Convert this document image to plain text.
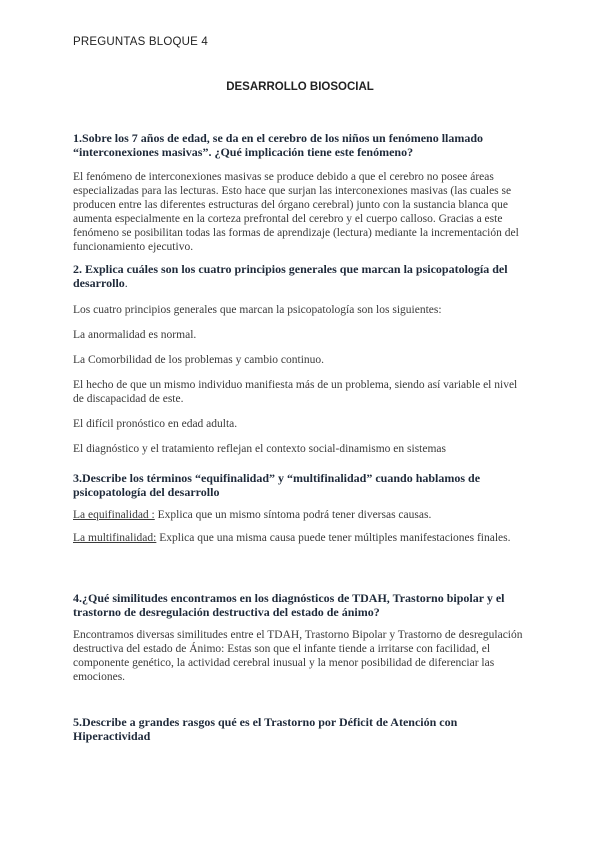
PREGUNTAS BLOQUE 4
DESARROLLO BIOSOCIAL

1.Sobre los 7 años de edad, se da en el cerebro de los niños un fenómeno llamado “interconexiones masivas”. ¿Qué implicación tiene este fenómeno?

El fenómeno de interconexiones masivas se produce debido a que el cerebro no posee áreas especializadas para las lecturas. Esto hace que surjan las interconexiones masivas (las cuales se producen entre las diferentes estructuras del órgano cerebral) junto con la sustancia blanca que aumenta especialmente en la corteza prefrontal del cerebro y el cuerpo calloso. Gracias a este fenómeno se posibilitan todas las formas de aprendizaje (lectura) mediante la incrementación del funcionamiento ejecutivo.

2. Explica cuáles son los cuatro principios generales que marcan la psicopatología del desarrollo.

Los cuatro principios generales que marcan la psicopatología son los siguientes:

La anormalidad es normal.

La Comorbilidad de los problemas y cambio continuo.

El hecho de que un mismo individuo manifiesta más de un problema, siendo así variable el nivel de discapacidad de este.

El difícil pronóstico en edad adulta.

El diagnóstico y el tratamiento reflejan el contexto social-dinamismo en sistemas

3.Describe los términos “equifinalidad” y “multifinalidad” cuando hablamos de psicopatología del desarrollo

La equifinalidad : Explica que un mismo síntoma podrá tener diversas causas.

La multifinalidad: Explica que una misma causa puede tener múltiples manifestaciones finales.

4.¿Qué similitudes encontramos en los diagnósticos de TDAH, Trastorno bipolar y el trastorno de desregulación destructiva del estado de ánimo?

Encontramos diversas similitudes entre el TDAH, Trastorno Bipolar y Trastorno de desregulación destructiva del estado de Ánimo: Estas son que el infante tiende a irritarse con facilidad, el componente genético, la actividad cerebral inusual y la menor posibilidad de diferenciar las emociones.

5.Describe a grandes rasgos qué es el Trastorno por Déficit de Atención con Hiperactividad
